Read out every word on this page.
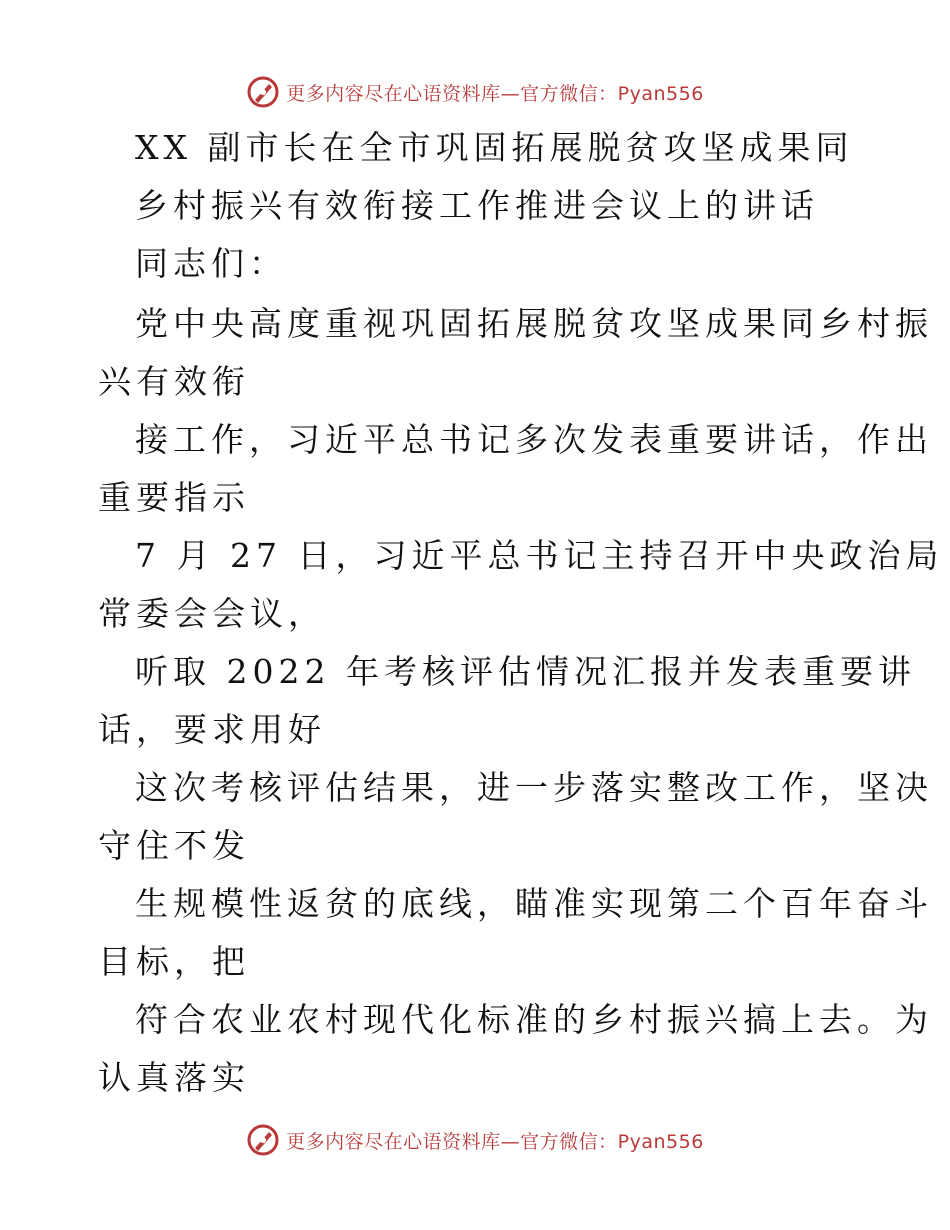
更多内容尽在心语资料库—官方微信：Pyan556
XX 副市长在全市巩固拓展脱贫攻坚成果同
乡村振兴有效衔接工作推进会议上的讲话
同志们：
党中央高度重视巩固拓展脱贫攻坚成果同乡村振
兴有效衔
接工作，习近平总书记多次发表重要讲话，作出
重要指示
7 月 27 日，习近平总书记主持召开中央政治局
常委会会议，
听取 2022 年考核评估情况汇报并发表重要讲
话，要求用好
这次考核评估结果，进一步落实整改工作，坚决
守住不发
生规模性返贫的底线，瞄准实现第二个百年奋斗
目标，把
符合农业农村现代化标准的乡村振兴搞上去。为
认真落实
更多内容尽在心语资料库—官方微信：Pyan556
